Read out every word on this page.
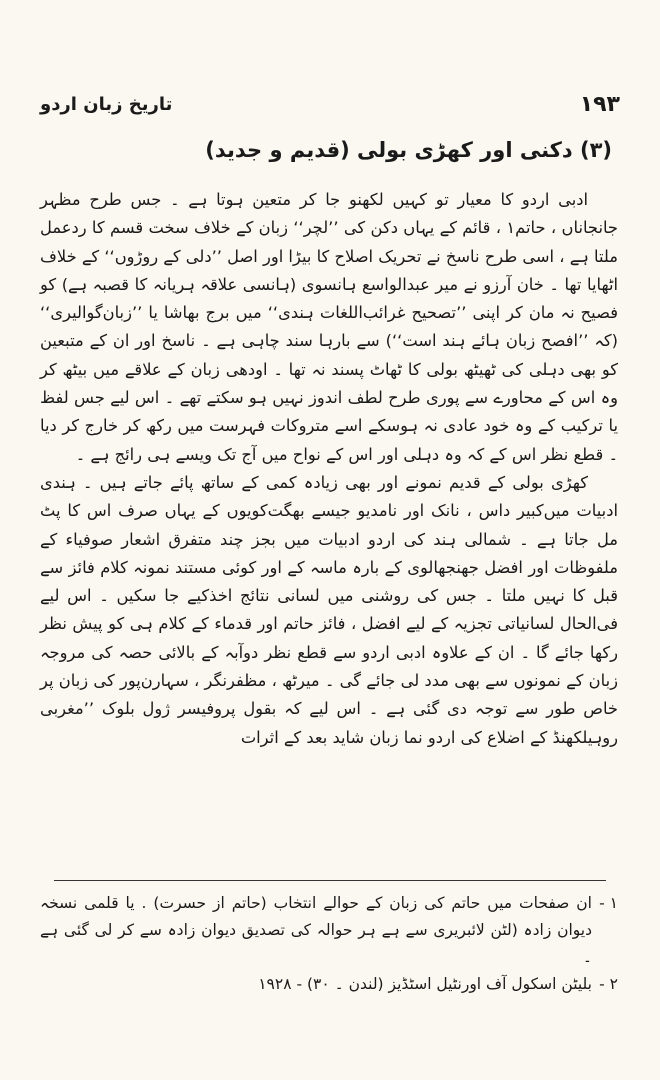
۱۹۳
تاریخ زبان اردو
(۳) دکنی اور کھڑی بولی (قدیم و جدید)

ادبی اردو کا معیار تو کہیں لکھنو جا کر متعین ہوتا ہے ۔ جس طرح مظہر جانجاناں ، حاتم۱ ، قائم کے یہاں دکن کی ’’لچر‘‘ زبان کے خلاف سخت قسم کا ردعمل ملتا ہے ، اسی طرح ناسخ نے تحریک اصلاح کا بیڑا اور اصل ’’دلی کے روڑوں‘‘ کے خلاف اٹھایا تھا ۔ خان آرزو نے میر عبدالواسع ہانسوی (ہانسی علاقہ ہریانہ کا قصبہ ہے) کو فصیح نہ مان کر اپنی ’’تصحیح غرائب‌اللغات ہندی‘‘ میں برج بھاشا یا ’’زبان‌گوالیری‘‘ (کہ ’’افصح زبان ہائے ہند است‘‘) سے بارہا سند چاہی ہے ۔ ناسخ اور ان کے متبعین کو بھی دہلی کی ٹھیٹھ بولی کا ٹھاٹ پسند نہ تھا ۔ اودھی زبان کے علاقے میں بیٹھ کر وہ اس کے محاورے سے پوری طرح لطف اندوز نہیں ہو سکتے تھے ۔ اس لیے جس لفظ یا ترکیب کے وہ خود عادی نہ ہوسکے اسے متروکات فہرست میں رکھ کر خارج کر دیا ۔ قطع نظر اس کے کہ وہ دہلی اور اس کے نواح میں آج تک ویسے ہی رائج ہے ۔

کھڑی بولی کے قدیم نمونے اور بھی زیادہ کمی کے ساتھ پائے جاتے ہیں ۔ ہندی ادبیات میں‌کبیر داس ، نانک اور نامدیو جیسے بھگت‌کویوں کے یہاں صرف اس کا پٹ مل جاتا ہے ۔ شمالی ہند کی اردو ادبیات میں بجز چند متفرق اشعار صوفیاء کے ملفوظات اور افضل جھنجھالوی کے بارہ ماسہ کے اور کوئی مستند نمونہ کلام فائز سے قبل کا نہیں ملتا ۔ جس کی روشنی میں لسانی نتائج اخذکیے جا سکیں ۔ اس لیے فی‌الحال لسانیاتی تجزیہ کے لیے افضل ، فائز حاتم اور قدماء کے کلام ہی کو پیش نظر رکھا جائے گا ۔ ان کے علاوہ ادبی اردو سے قطع نظر دوآبہ کے بالائی حصہ کی مروجہ زبان کے نمونوں سے بھی مدد لی جائے گی ۔ میرٹھ ، مظفرنگر ، سہارن‌پور کی زبان پر خاص طور سے توجہ دی گئی ہے ۔ اس لیے کہ بقول پروفیسر ژول بلوک ’’مغربی روہیلکھنڈ کے اضلاع کی اردو نما زبان شاید بعد کے اثرات

۱ -
ان صفحات میں حاتم کی زبان کے حوالے انتخاب (حاتم از حسرت) . یا قلمی نسخہ دیوان زادہ (لٹن لائبریری سے ہے ہر حوالہ کی تصدیق دیوان زادہ سے کر لی گئی ہے ۔
۲ -
بلیٹن اسکول آف اورنٹیل اسٹڈیز (لندن ۔ ۳۰) - ۱۹۲۸
